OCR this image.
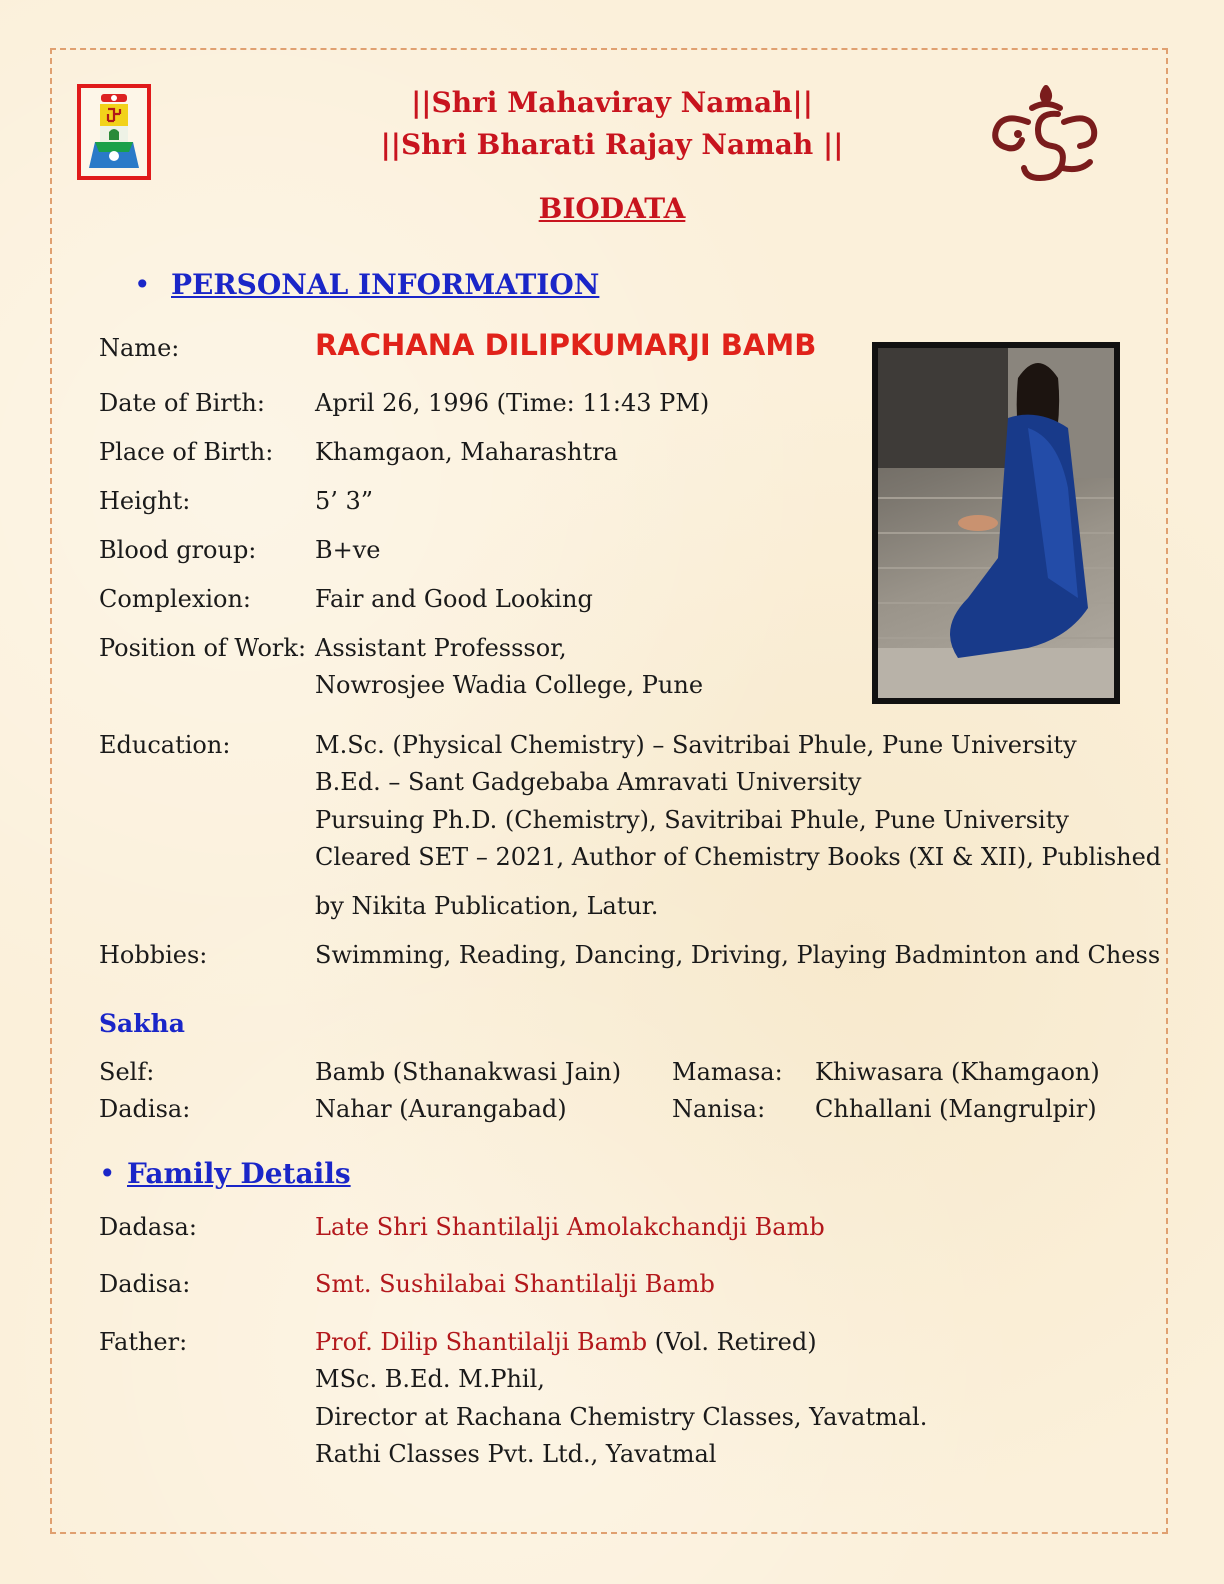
||Shri Mahaviray Namah||
||Shri Bharati Rajay Namah ||
BIODATA
• PERSONAL INFORMATION
Name:	RACHANA DILIPKUMARJI BAMB
Date of Birth: April 26, 1996 (Time: 11:43 PM)
Place of Birth: Khamgaon, Maharashtra
Height:	5’ 3”
Blood group: B+ve
Complexion:	Fair and Good Looking
Position of Work: Assistant Professsor,
Nowrosjee Wadia College, Pune
Education:	M.Sc. (Physical Chemistry) – Savitribai Phule, Pune University
B.Ed. – Sant Gadgebaba Amravati University
Pursuing Ph.D. (Chemistry), Savitribai Phule, Pune University
Cleared SET – 2021, Author of Chemistry Books (XI & XII), Published
by Nikita Publication, Latur.
Hobbies:	Swimming, Reading, Dancing, Driving, Playing Badminton and Chess
Sakha
Self:	Bamb (Sthanakwasi Jain) Mamasa: Khiwasara (Khamgaon)
Dadisa:	Nahar (Aurangabad)	Nanisa: Chhallani (Mangrulpir)
• Family Details
Dadasa:	Late Shri Shantilalji Amolakchandji Bamb
Dadisa:	Smt. Sushilabai Shantilalji Bamb
Father:	Prof. Dilip Shantilalji Bamb (Vol. Retired)
MSc. B.Ed. M.Phil,
Director at Rachana Chemistry Classes, Yavatmal.
Rathi Classes Pvt. Ltd., Yavatmal
